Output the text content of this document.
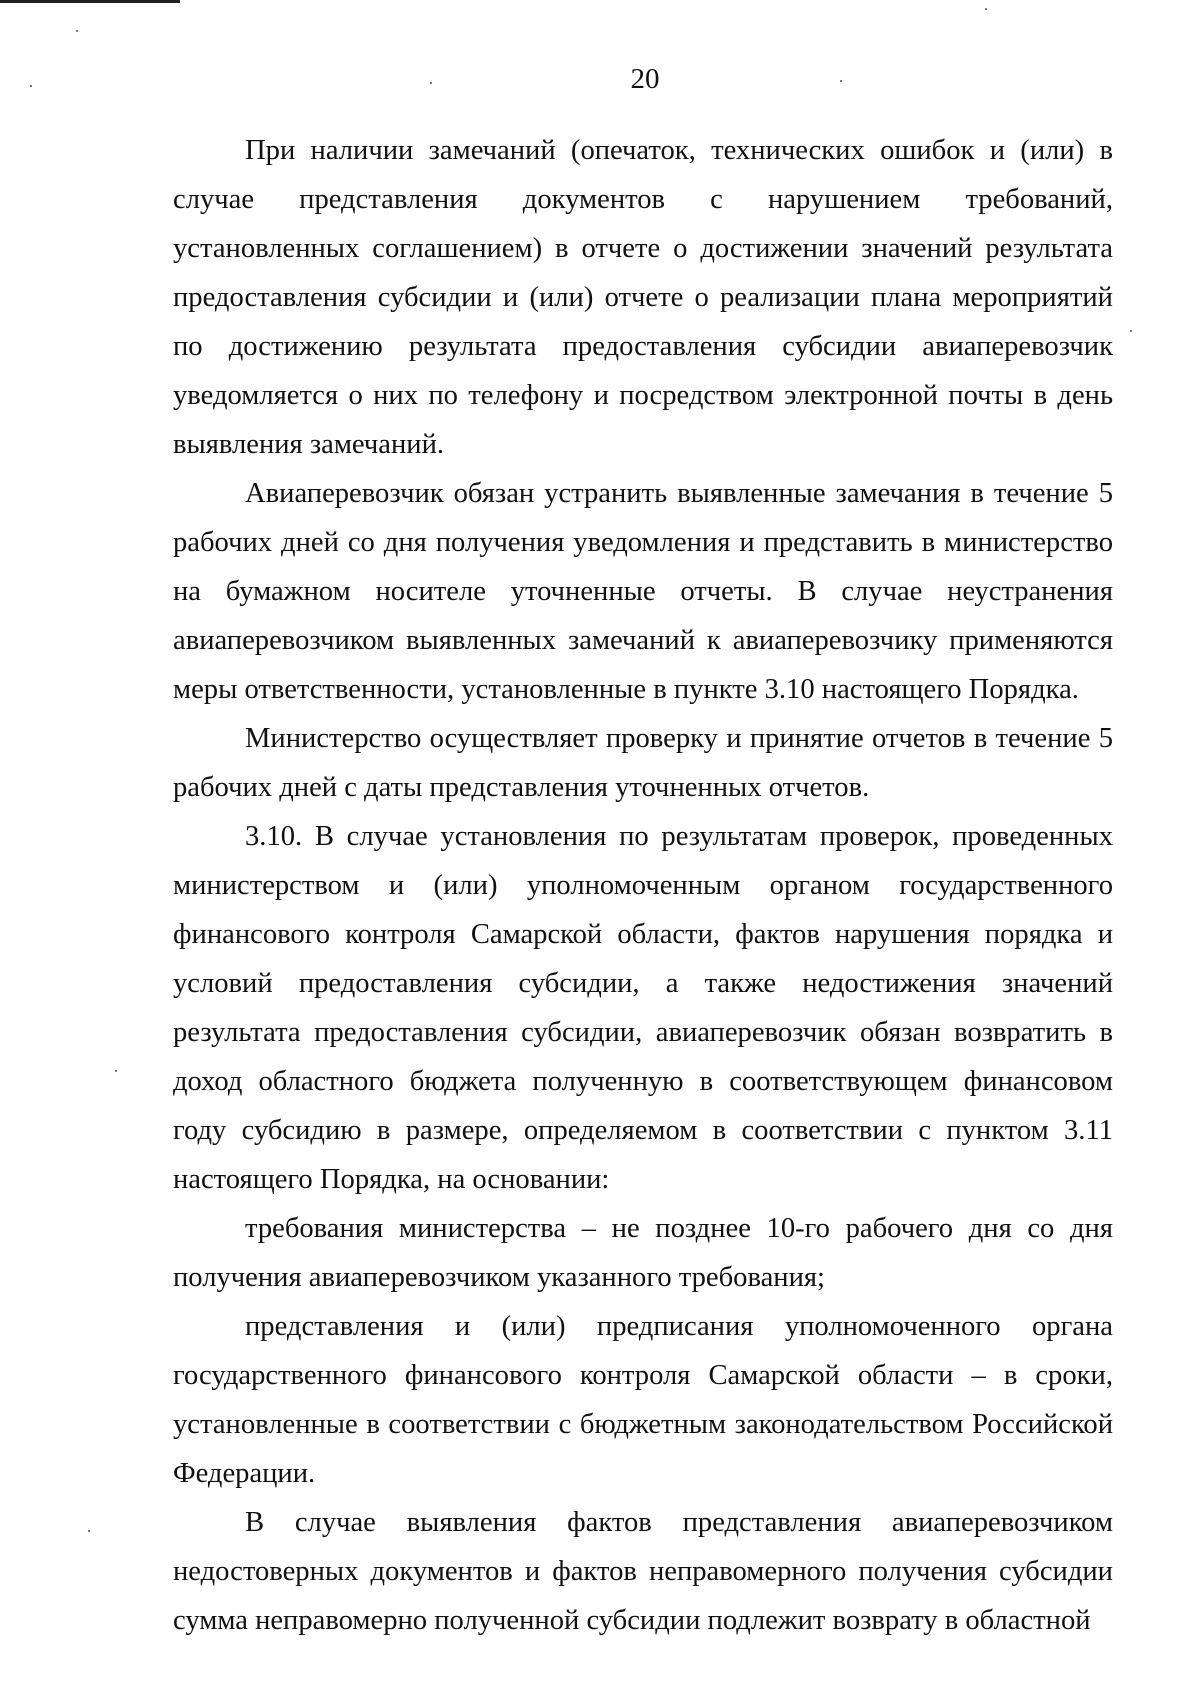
20

При наличии замечаний (опечаток, технических ошибок и (или) в случае представления документов с нарушением требований, установленных соглашением) в отчете о достижении значений результата предоставления субсидии и (или) отчете о реализации плана мероприятий по достижению результата предоставления субсидии авиаперевозчик уведомляется о них по телефону и посредством электронной почты в день выявления замечаний.

Авиаперевозчик обязан устранить выявленные замечания в течение 5 рабочих дней со дня получения уведомления и представить в министерство на бумажном носителе уточненные отчеты. В случае неустранения авиаперевозчиком выявленных замечаний к авиаперевозчику применяются меры ответственности, установленные в пункте 3.10 настоящего Порядка.

Министерство осуществляет проверку и принятие отчетов в течение 5 рабочих дней с даты представления уточненных отчетов.

3.10. В случае установления по результатам проверок, проведенных министерством и (или) уполномоченным органом государственного финансового контроля Самарской области, фактов нарушения порядка и условий предоставления субсидии, а также недостижения значений результата предоставления субсидии, авиаперевозчик обязан возвратить в доход областного бюджета полученную в соответствующем финансовом году субсидию в размере, определяемом в соответствии с пунктом 3.11 настоящего Порядка, на основании:

требования министерства – не позднее 10-го рабочего дня со дня получения авиаперевозчиком указанного требования;

представления и (или) предписания уполномоченного органа государственного финансового контроля Самарской области – в сроки, установленные в соответствии с бюджетным законодательством Российской Федерации.

В случае выявления фактов представления авиаперевозчиком недостоверных документов и фактов неправомерного получения субсидии сумма неправомерно полученной субсидии подлежит возврату в областной
